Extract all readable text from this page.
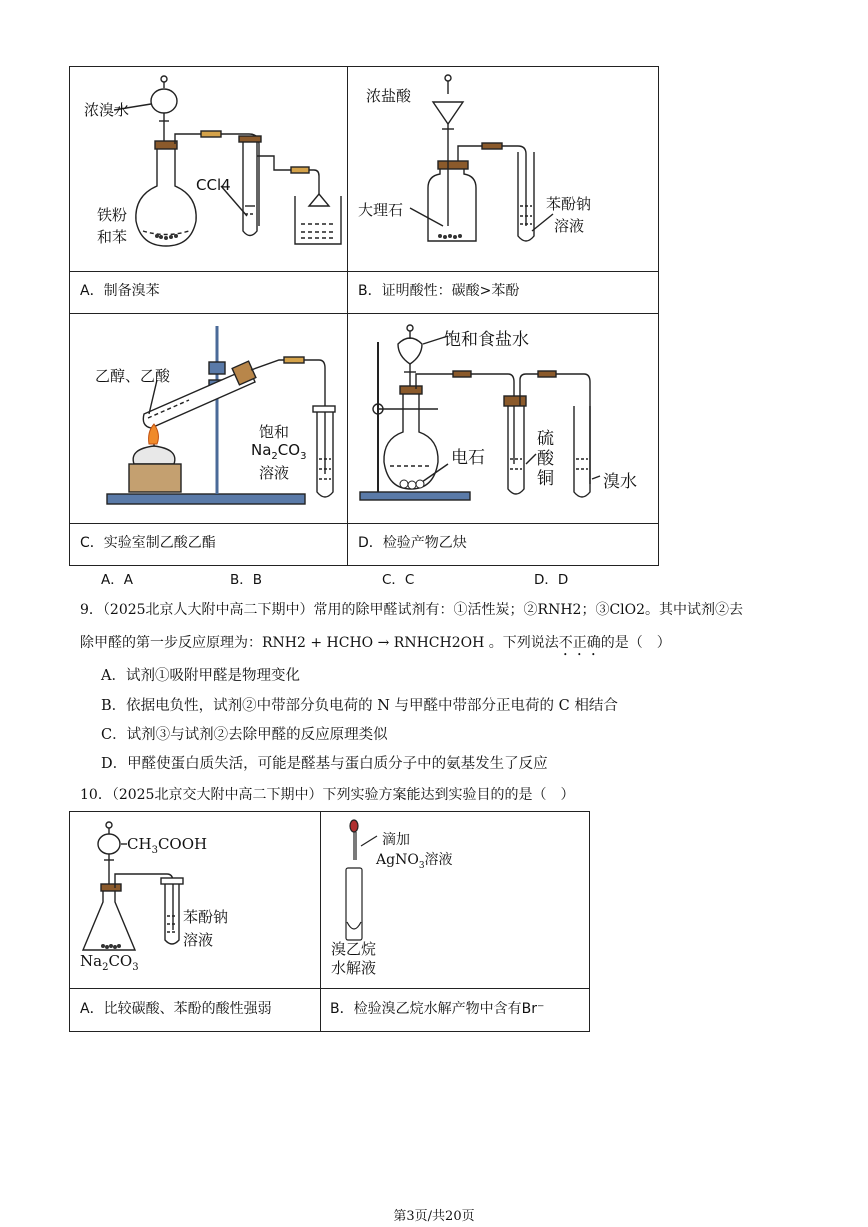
浓溴水
CCl4
铁粉
和苯
浓盐酸
大理石	苯酚钠
溶液
A．制备溴苯	B．证明酸性：碳酸>苯酚
乙醇、乙酸
饱和
$Na_2CO_3$
溶液
饱和食盐水
电石
硫酸铜	溴水
C．实验室制乙酸乙酯	D．检验产物乙炔
A．A	B．B	C．C	D．D
9．（2025北京人大附中高二下期中）常用的除甲醛试剂有：①活性炭；②RNH2；③ClO2。其中试剂②去
除甲醛的第一步反应原理为：RNH2 + HCHO → RNHCH2OH 。下列说法不正确的是（　）
A．试剂①吸附甲醛是物理变化
B．依据电负性，试剂②中带部分负电荷的 N 与甲醛中带部分正电荷的 C 相结合
C．试剂③与试剂②去除甲醛的反应原理类似
D．甲醛使蛋白质失活，可能是醛基与蛋白质分子中的氨基发生了反应
10．（2025北京交大附中高二下期中）下列实验方案能达到实验目的的是（　）
$CH_3COOH$
苯酚钠
溶液
$Na_2CO_3$
滴加
AgNO$_3$溶液
溴乙烷
水解液
A．比较碳酸、苯酚的酸性强弱	B．检验溴乙烷水解产物中含有Br⁻
第3页/共20页
